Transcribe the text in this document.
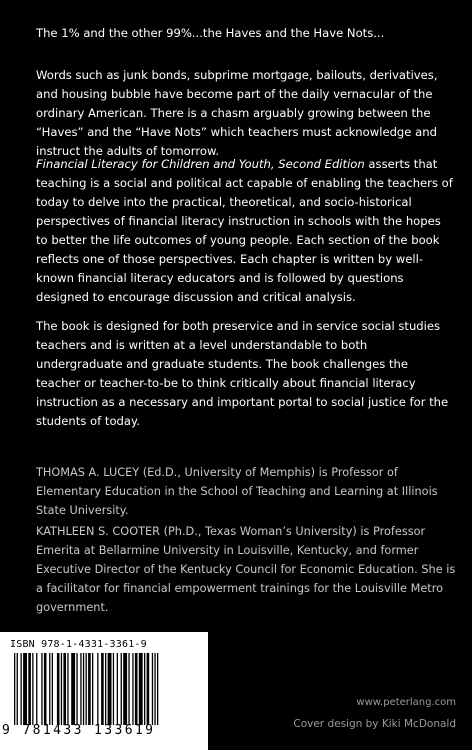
The 1% and the other 99%...the Haves and the Have Nots...

Words such as junk bonds, subprime mortgage, bailouts, derivatives, and housing bubble have become part of the daily vernacular of the ordinary American. There is a chasm arguably growing between the “Haves” and the “Have Nots” which teachers must acknowledge and instruct the adults of tomorrow.

Financial Literacy for Children and Youth, Second Edition asserts that teaching is a social and political act capable of enabling the teachers of today to delve into the practical, theoretical, and socio-historical perspectives of financial literacy instruction in schools with the hopes to better the life outcomes of young people. Each section of the book reflects one of those perspectives. Each chapter is written by well-known financial literacy educators and is followed by questions designed to encourage discussion and critical analysis.

The book is designed for both preservice and in service social studies teachers and is written at a level understandable to both undergraduate and graduate students. The book challenges the teacher or teacher-to-be to think critically about financial literacy instruction as a necessary and important portal to social justice for the students of today.

THOMAS A. LUCEY (Ed.D., University of Memphis) is Professor of Elementary Education in the School of Teaching and Learning at Illinois State University.

KATHLEEN S. COOTER (Ph.D., Texas Woman’s University) is Professor Emerita at Bellarmine University in Louisville, Kentucky, and former Executive Director of the Kentucky Council for Economic Education. She is a facilitator for financial empowerment trainings for the Louisville Metro government.

ISBN 978-1-4331-3361-9
9 781433 133619

www.peterlang.com

Cover design by Kiki McDonald
